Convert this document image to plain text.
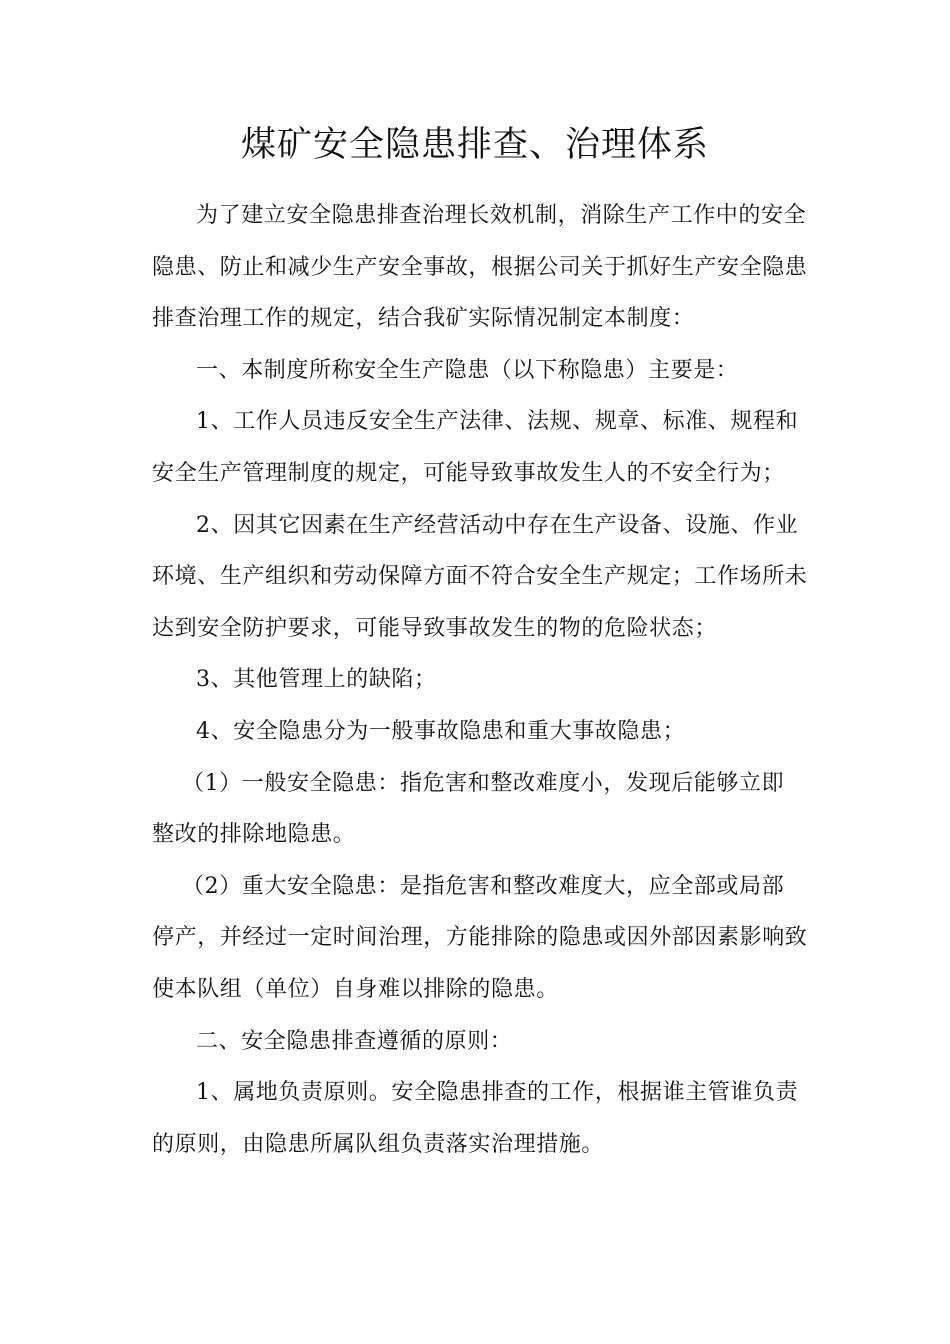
煤矿安全隐患排查、治理体系
为了建立安全隐患排查治理长效机制，消除生产工作中的安全
隐患、防止和减少生产安全事故，根据公司关于抓好生产安全隐患
排查治理工作的规定，结合我矿实际情况制定本制度：
一、本制度所称安全生产隐患（以下称隐患）主要是：
1、工作人员违反安全生产法律、法规、规章、标准、规程和
安全生产管理制度的规定，可能导致事故发生人的不安全行为；
2、因其它因素在生产经营活动中存在生产设备、设施、作业
环境、生产组织和劳动保障方面不符合安全生产规定；工作场所未
达到安全防护要求，可能导致事故发生的物的危险状态；
3、其他管理上的缺陷；
4、安全隐患分为一般事故隐患和重大事故隐患；
（1）一般安全隐患：指危害和整改难度小，发现后能够立即
整改的排除地隐患。
（2）重大安全隐患：是指危害和整改难度大，应全部或局部
停产，并经过一定时间治理，方能排除的隐患或因外部因素影响致
使本队组（单位）自身难以排除的隐患。
二、安全隐患排查遵循的原则：
1、属地负责原则。安全隐患排查的工作，根据谁主管谁负责
的原则，由隐患所属队组负责落实治理措施。
